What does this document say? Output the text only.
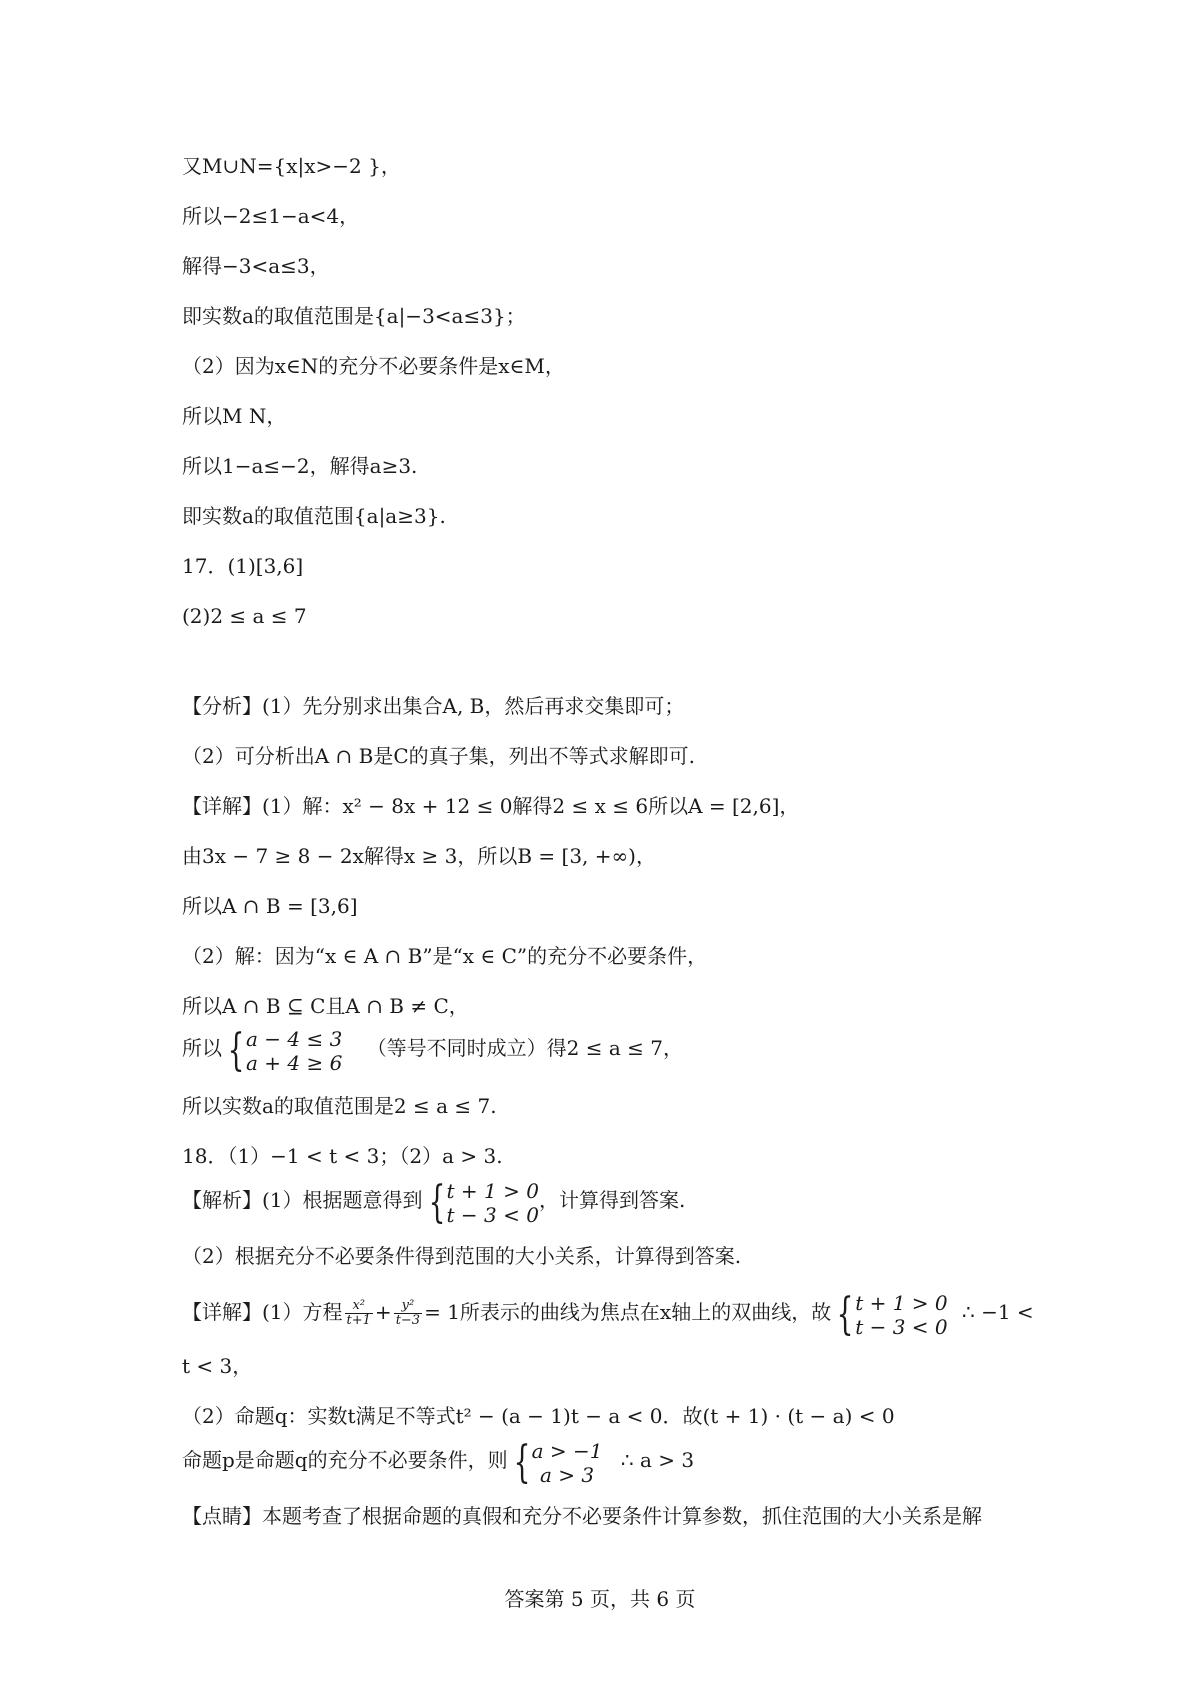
又M∪N={x|x>−2 }，
所以−2≤1−a<4，
解得−3<a≤3，
即实数a的取值范围是{a|−3<a≤3}；
（2）因为x∈N的充分不必要条件是x∈M，
所以M N，
所以1−a≤−2，解得a≥3.
即实数a的取值范围{a|a≥3}.
17．(1)[3,6]
(2)2 ≤ a ≤ 7
【分析】(1）先分别求出集合A, B，然后再求交集即可；
（2）可分析出A ∩ B是C的真子集，列出不等式求解即可.
【详解】(1）解：x² − 8x + 12 ≤ 0解得2 ≤ x ≤ 6所以A = [2,6]，
由3x − 7 ≥ 8 − 2x解得x ≥ 3，所以B = [3, +∞)，
所以A ∩ B = [3,6]
（2）解：因为“x ∈ A ∩ B”是“x ∈ C”的充分不必要条件，
所以A ∩ B ⊆ C且A ∩ B ≠ C，
所以 { a − 4 ≤ 3
a + 4 ≥ 6
（等号不同时成立）得2 ≤ a ≤ 7，
所以实数a的取值范围是2 ≤ a ≤ 7.
18．（1）−1 < t < 3；（2）a > 3.
【解析】(1）根据题意得到 { t + 1 > 0
t − 3 < 0
，计算得到答案.
（2）根据充分不必要条件得到范围的大小关系，计算得到答案.
【详解】(1）方程 $\frac{\text{x²}}{t+1} + \frac{\text{y²}}{t-3} = 1$所表示的曲线为焦点在x轴上的双曲线，故 { t + 1 > 0
t − 3 < 0
∴ −1 <
t < 3，
（2）命题q：实数t满足不等式t² − (a − 1)t − a < 0．故(t + 1) · (t − a) < 0
命题p是命题q的充分不必要条件，则 { a > −1
a > 3
∴ a > 3
【点睛】本题考查了根据命题的真假和充分不必要条件计算参数，抓住范围的大小关系是解
答案第 5 页，共 6 页
